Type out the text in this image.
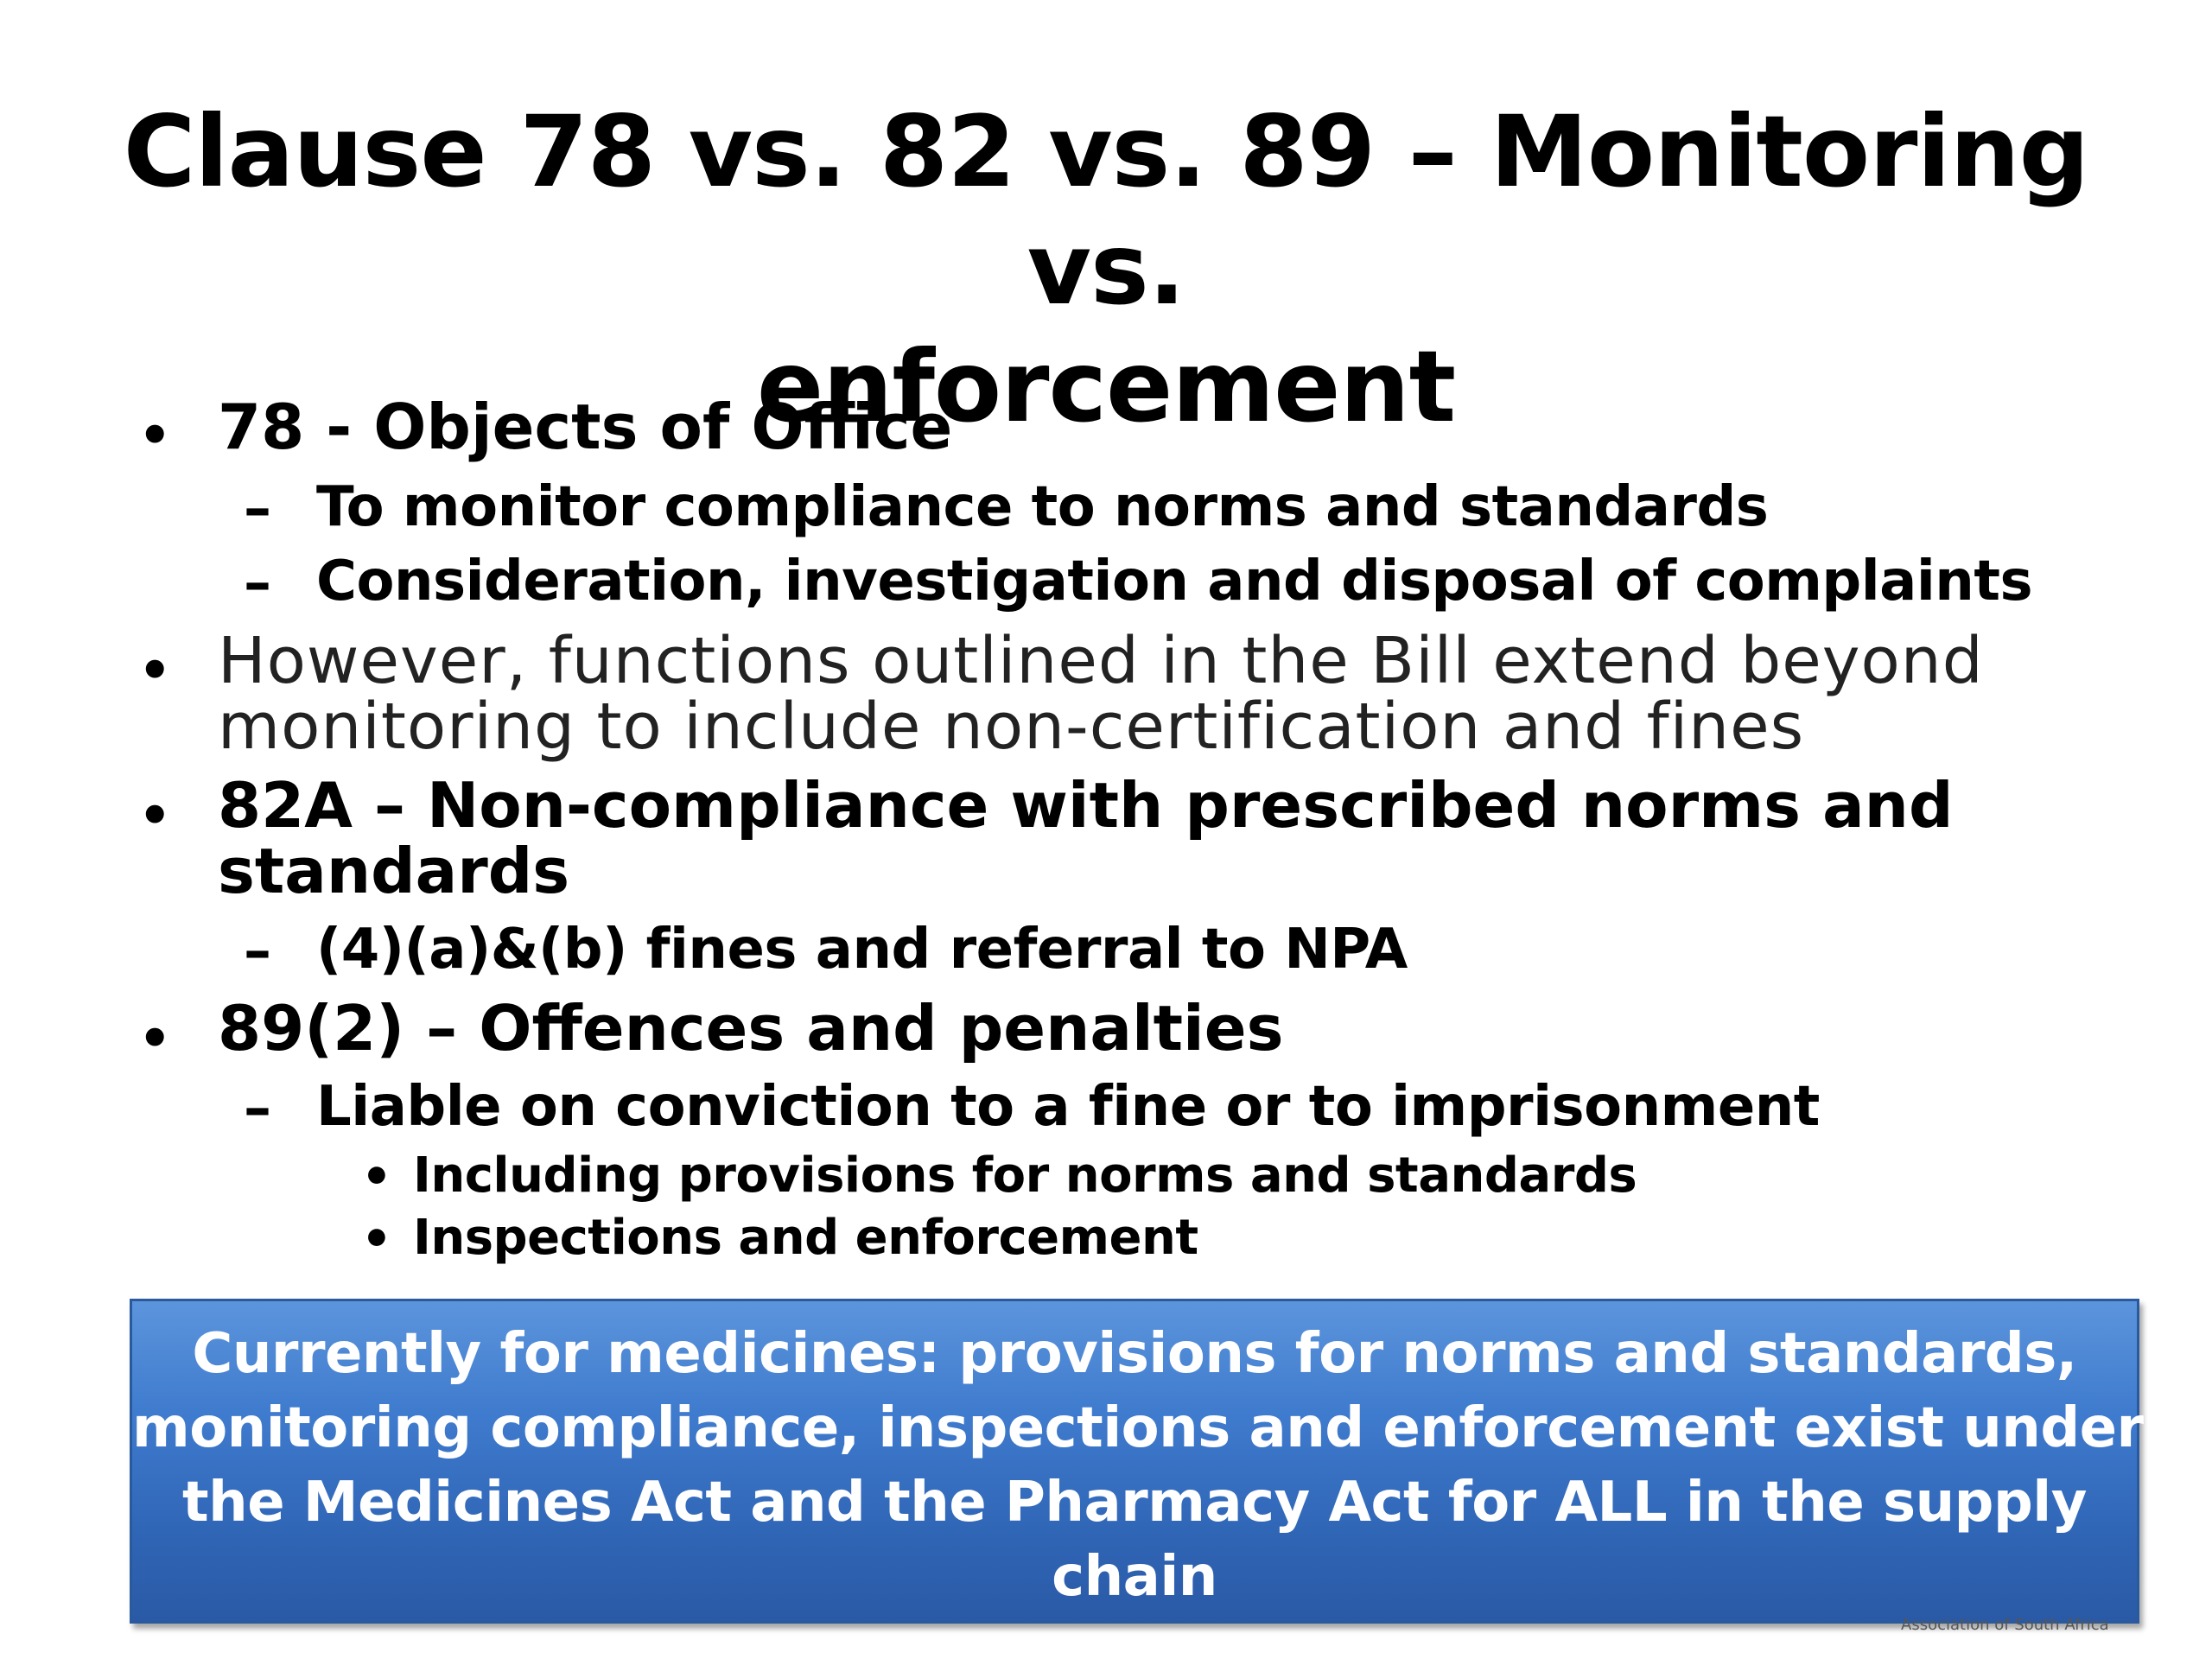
Clause 78 vs. 82 vs. 89 – Monitoring vs.
enforcement
• 78 - Objects of Office
– To monitor compliance to norms and standards
– Consideration, investigation and disposal of complaints
• However, functions outlined in the Bill extend beyond
monitoring to include non-certification and fines
• 82A – Non-compliance with prescribed norms and
standards
– (4)(a)&(b) fines and referral to NPA
• 89(2) – Offences and penalties
– Liable on conviction to a fine or to imprisonment
• Including provisions for norms and standards
• Inspections and enforcement
Currently for medicines: provisions for norms and standards,
monitoring compliance, inspections and enforcement exist under
the Medicines Act and the Pharmacy Act for ALL in the supply
chain
Association of South Africa
